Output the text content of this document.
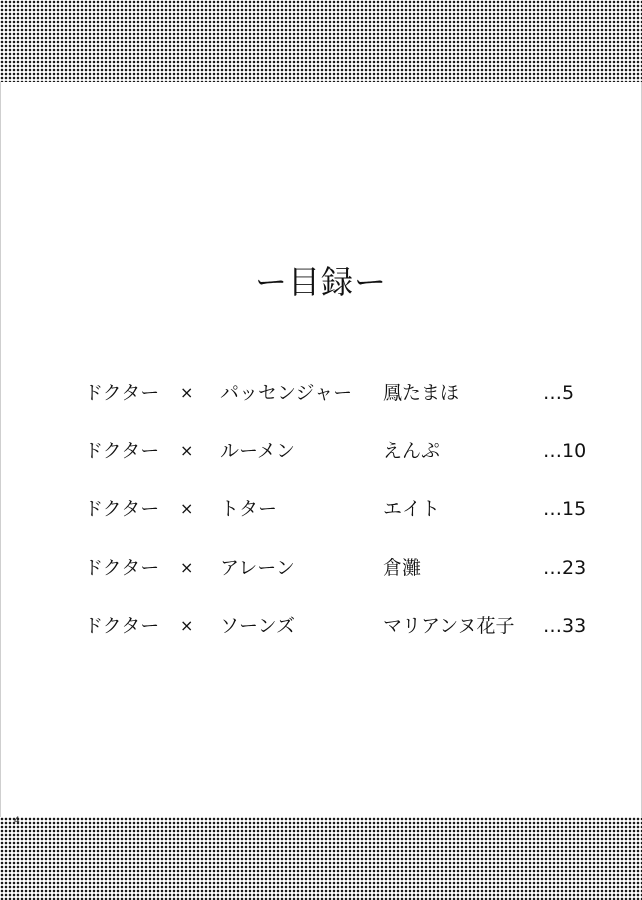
ー目録ー
ドクター × パッセンジャー 鳳たまほ	…5
ドクター × ルーメン	えんぷ	…10
ドクター × トター	エイト	…15
ドクター × アレーン	倉灘	…23
ドクター × ソーンズ	マリアンヌ花子 …33
4
